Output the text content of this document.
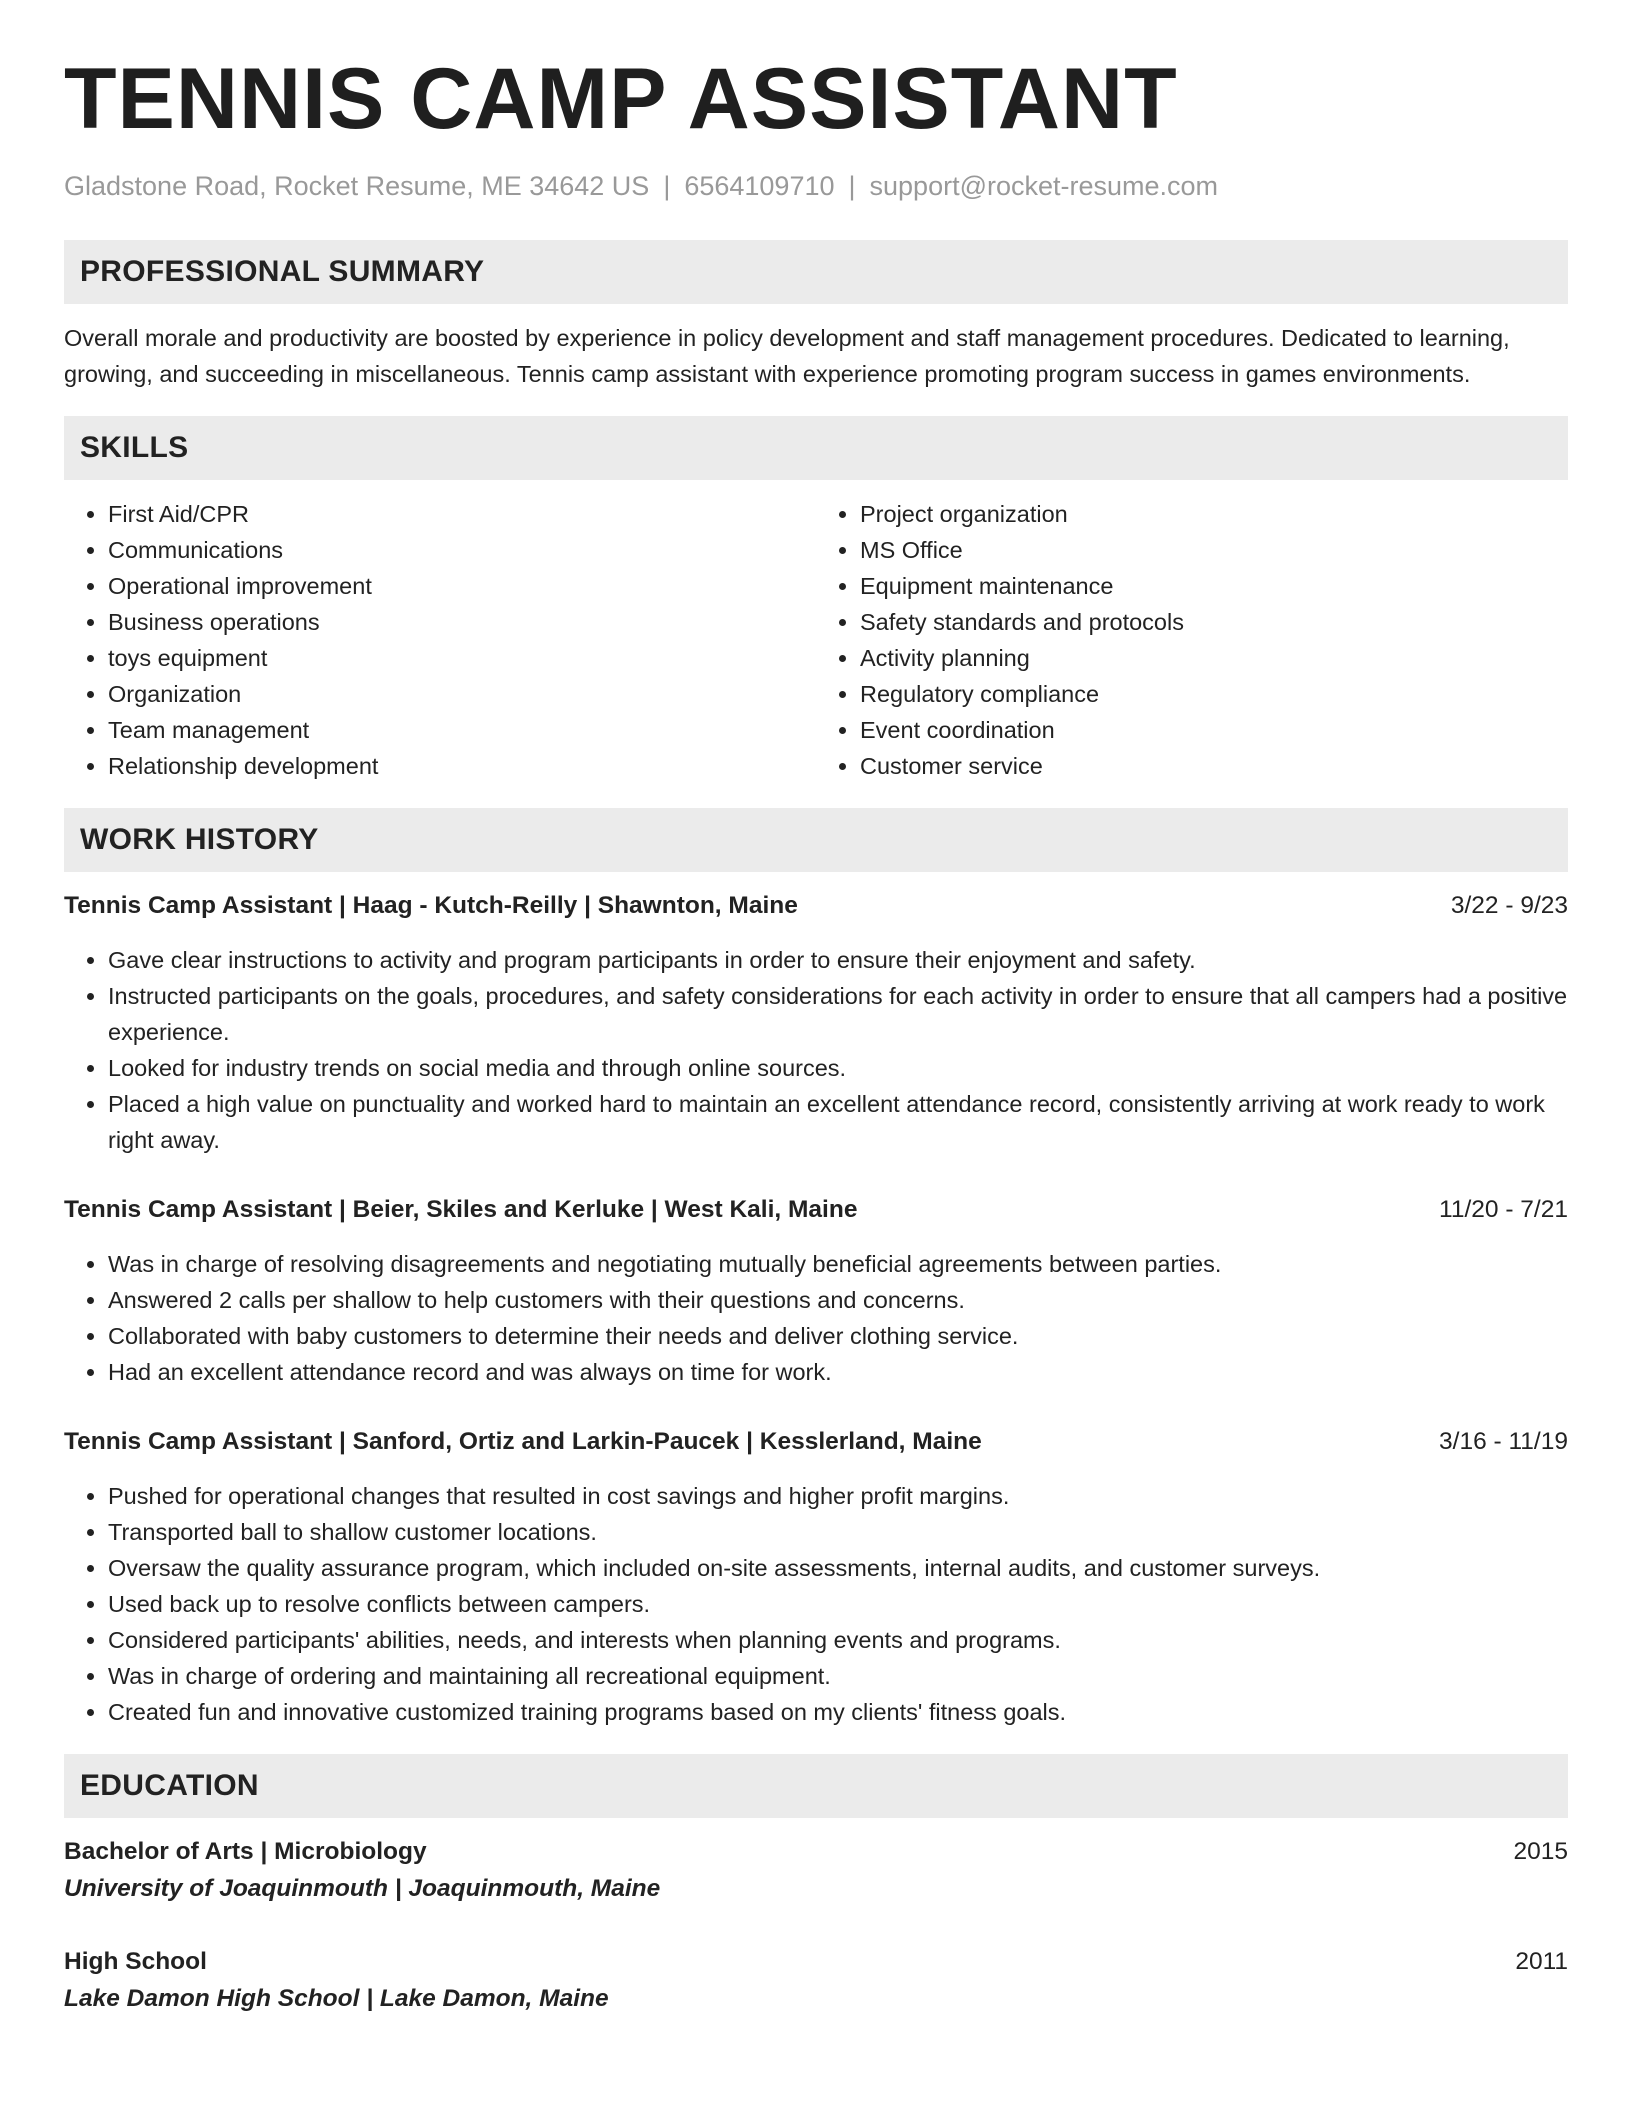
TENNIS CAMP ASSISTANT
Gladstone Road, Rocket Resume, ME 34642 US | 6564109710 | support@rocket-resume.com
PROFESSIONAL SUMMARY
Overall morale and productivity are boosted by experience in policy development and staff management procedures. Dedicated to learning, growing, and succeeding in miscellaneous. Tennis camp assistant with experience promoting program success in games environments.
SKILLS
• First Aid/CPR
• Communications
• Operational improvement
• Business operations
• toys equipment
• Organization
• Team management
• Relationship development
• Project organization
• MS Office
• Equipment maintenance
• Safety standards and protocols
• Activity planning
• Regulatory compliance
• Event coordination
• Customer service
WORK HISTORY
Tennis Camp Assistant | Haag - Kutch-Reilly | Shawnton, Maine	3/22 - 9/23
• Gave clear instructions to activity and program participants in order to ensure their enjoyment and safety.
• Instructed participants on the goals, procedures, and safety considerations for each activity in order to ensure that all campers had a positive experience.
• Looked for industry trends on social media and through online sources.
• Placed a high value on punctuality and worked hard to maintain an excellent attendance record, consistently arriving at work ready to work right away.
Tennis Camp Assistant | Beier, Skiles and Kerluke | West Kali, Maine	11/20 - 7/21
• Was in charge of resolving disagreements and negotiating mutually beneficial agreements between parties.
• Answered 2 calls per shallow to help customers with their questions and concerns.
• Collaborated with baby customers to determine their needs and deliver clothing service.
• Had an excellent attendance record and was always on time for work.
Tennis Camp Assistant | Sanford, Ortiz and Larkin-Paucek | Kesslerland, Maine	3/16 - 11/19
• Pushed for operational changes that resulted in cost savings and higher profit margins.
• Transported ball to shallow customer locations.
• Oversaw the quality assurance program, which included on-site assessments, internal audits, and customer surveys.
• Used back up to resolve conflicts between campers.
• Considered participants' abilities, needs, and interests when planning events and programs.
• Was in charge of ordering and maintaining all recreational equipment.
• Created fun and innovative customized training programs based on my clients' fitness goals.
EDUCATION
Bachelor of Arts | Microbiology	2015
University of Joaquinmouth | Joaquinmouth, Maine
High School	2011
Lake Damon High School | Lake Damon, Maine
